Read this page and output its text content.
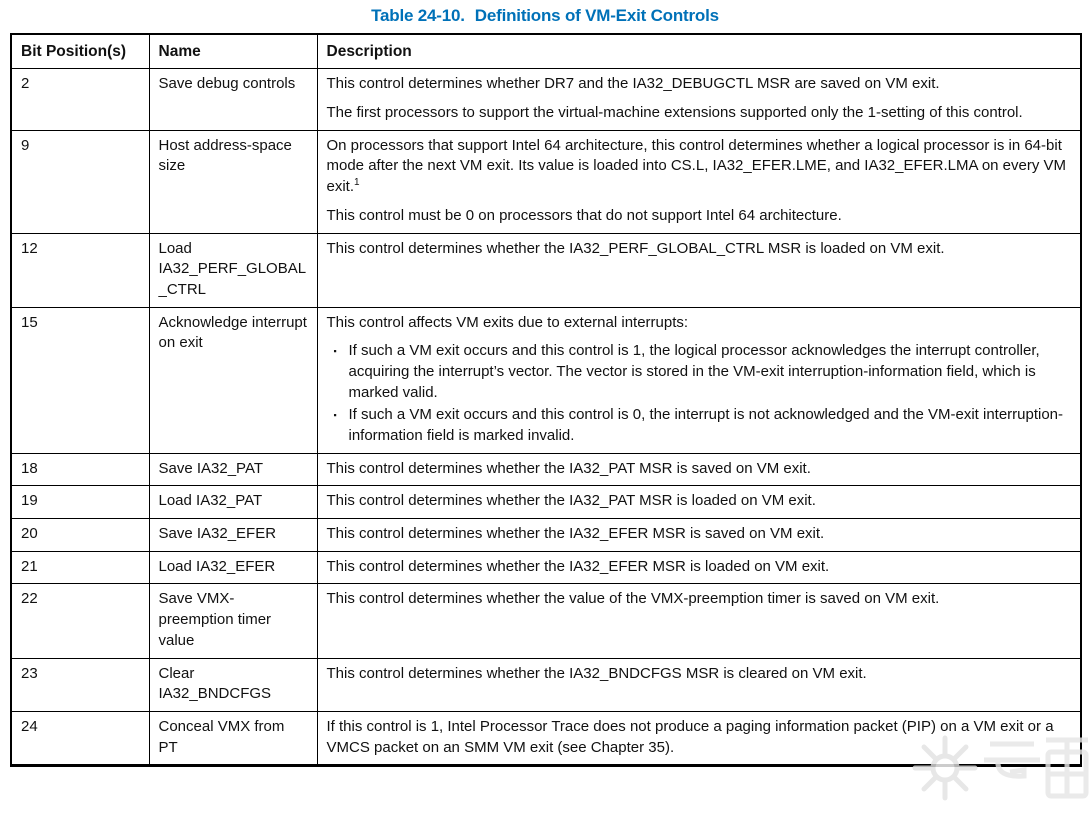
Table 24-10. Definitions of VM-Exit Controls
Bit Position(s)	Name	Description
2	Save debug controls	This control determines whether DR7 and the IA32_DEBUGCTL MSR are saved on VM exit.
The first processors to support the virtual-machine extensions supported only the 1-setting of this control.

9	Host address-space size	On processors that support Intel 64 architecture, this control determines whether a logical processor is in 64-bit mode after the next VM exit. Its value is loaded into CS.L, IA32_EFER.LME, and IA32_EFER.LMA on every VM exit.$^1$
This control must be 0 on processors that do not support Intel 64 architecture.

12	Load IA32_PERF_GLOBAL_CTRL	This control determines whether the IA32_PERF_GLOBAL_CTRL MSR is loaded on VM exit.

15	Acknowledge interrupt on exit	This control affects VM exits due to external interrupts:
▪ If such a VM exit occurs and this control is 1, the logical processor acknowledges the interrupt controller, acquiring the interrupt’s vector. The vector is stored in the VM-exit interruption-information field, which is marked valid.
▪ If such a VM exit occurs and this control is 0, the interrupt is not acknowledged and the VM-exit interruption-information field is marked invalid.

18	Save IA32_PAT	This control determines whether the IA32_PAT MSR is saved on VM exit.

19	Load IA32_PAT	This control determines whether the IA32_PAT MSR is loaded on VM exit.

20	Save IA32_EFER	This control determines whether the IA32_EFER MSR is saved on VM exit.

21	Load IA32_EFER	This control determines whether the IA32_EFER MSR is loaded on VM exit.

22	Save VMX-preemption timer value	This control determines whether the value of the VMX-preemption timer is saved on VM exit.

23	Clear IA32_BNDCFGS	This control determines whether the IA32_BNDCFGS MSR is cleared on VM exit.

24	Conceal VMX from PT	If this control is 1, Intel Processor Trace does not produce a paging information packet (PIP) on a VM exit or a VMCS packet on an SMM VM exit (see Chapter 35).
